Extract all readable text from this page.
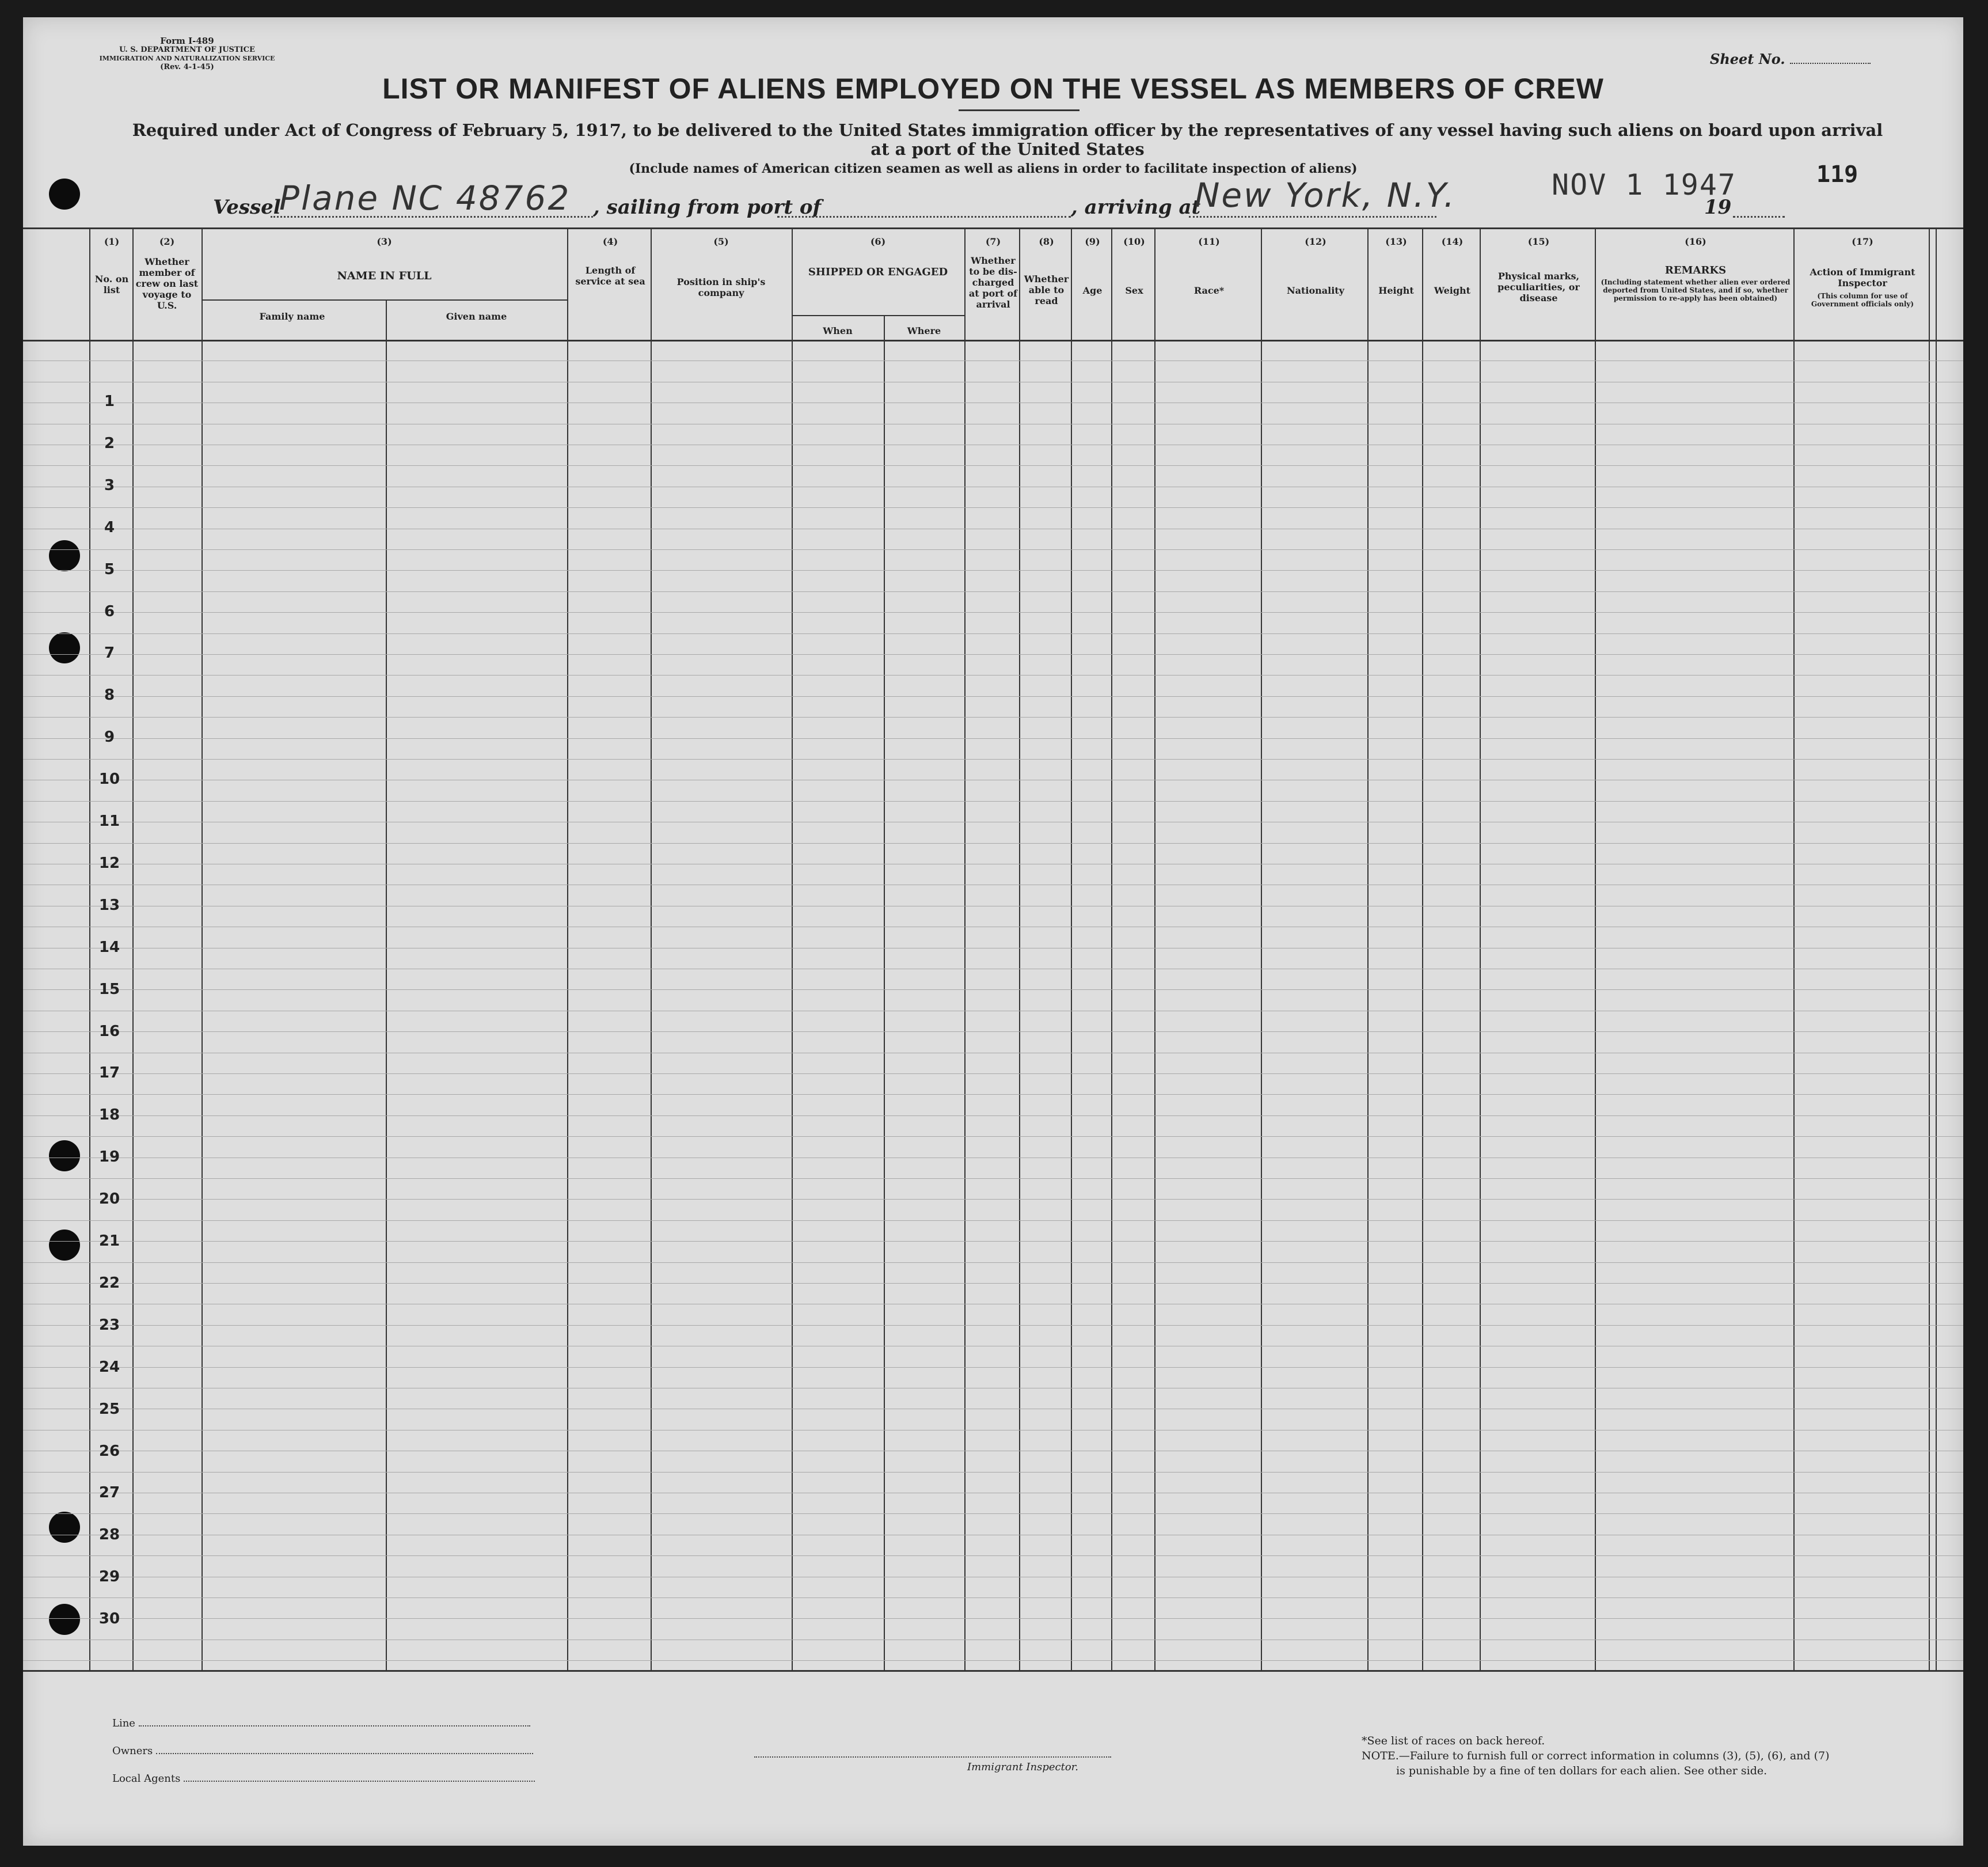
Form I-489
U. S. DEPARTMENT OF JUSTICE
IMMIGRATION AND NATURALIZATION SERVICE
(Rev. 4-1-45)	Sheet No.
LIST OR MANIFEST OF ALIENS EMPLOYED ON THE VESSEL AS MEMBERS OF CREW
Required under Act of Congress of February 5, 1917, to be delivered to the United States immigration officer by the representatives of any vessel having such aliens on board upon arrival at a port of the United States
(Include names of American citizen seamen as well as aliens in order to facilitate inspection of aliens)	119
Vessel
Plane NC 48762 , sailing from port of	, arriving at
New York, N.Y.	NOV 1 1947
19
(1)
No. on list
(2)
Whether member of crew on last voyage to U.S.
(3)
NAME IN FULL
Family name	Given name
(4)
Length of service at sea
(5)
Position in ship's company
(6)
SHIPPED OR ENGAGED
When	Where
(7)
Whether to be dis-charged at port of arrival
(8)
Whether able to read
(9)
Age
(10)
Sex
(11)
Race*
(12)
Nationality
(13)
Height
(14)
Weight
(15)
Physical marks, peculiarities, or disease
(16)
REMARKS
(Including statement whether alien ever ordered deported from United States, and if so, whether permission to re-apply has been obtained)
(17)
Action of Immigrant Inspector
(This column for use of Government officials only)
1
2
3
4
5
6
7
8
9
10
11
12
13
14
15
16
17
18
19
20
21
22
23
24
25
26
27
28
29
30
Line
Owners
Local Agents
Immigrant Inspector.
*See list of races on back hereof.
NOTE.—Failure to furnish full or correct information in columns (3), (5), (6), and (7)
is punishable by a fine of ten dollars for each alien. See other side.
